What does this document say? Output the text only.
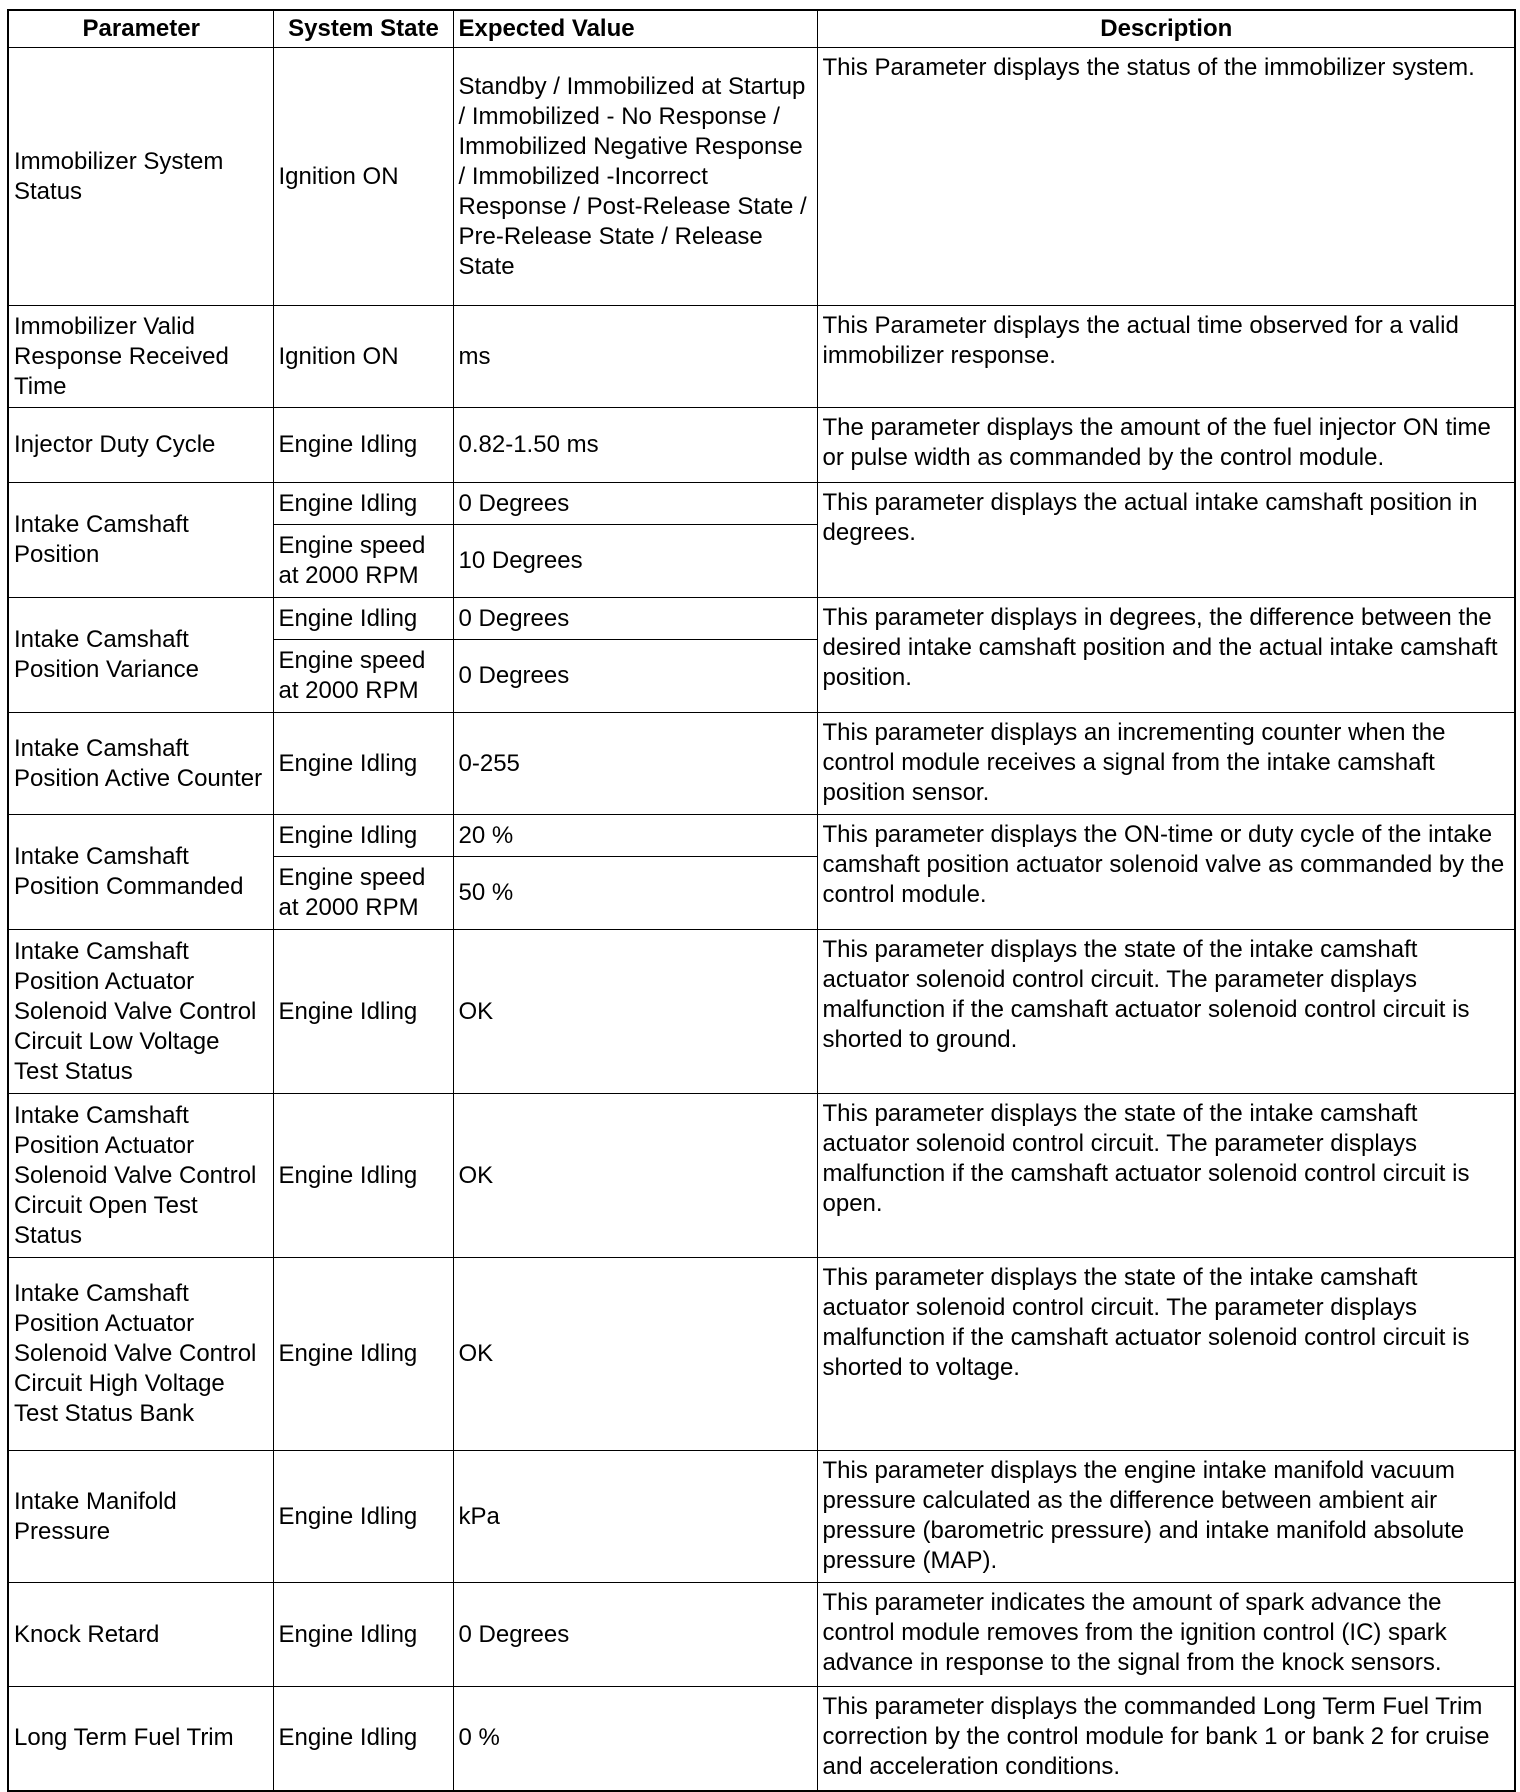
Parameter	System State	Expected Value	Description
Immobilizer System Status	Ignition ON	Standby / Immobilized at Startup / Immobilized - No Response / Immobilized Negative Response / Immobilized -Incorrect Response / Post-Release State / Pre-Release State / Release State	This Parameter displays the status of the immobilizer system.
Immobilizer Valid Response Received Time	Ignition ON	ms	This Parameter displays the actual time observed for a valid immobilizer response.
Injector Duty Cycle	Engine Idling	0.82-1.50 ms	The parameter displays the amount of the fuel injector ON time or pulse width as commanded by the control module.
Intake Camshaft Position	Engine Idling	0 Degrees	This parameter displays the actual intake camshaft position in degrees.
	Engine speed at 2000 RPM	10 Degrees	
Intake Camshaft Position Variance	Engine Idling	0 Degrees	This parameter displays in degrees, the difference between the desired intake camshaft position and the actual intake camshaft position.
	Engine speed at 2000 RPM	0 Degrees	
Intake Camshaft Position Active Counter	Engine Idling	0-255	This parameter displays an incrementing counter when the control module receives a signal from the intake camshaft position sensor.
Intake Camshaft Position Commanded	Engine Idling	20 %	This parameter displays the ON-time or duty cycle of the intake camshaft position actuator solenoid valve as commanded by the control module.
	Engine speed at 2000 RPM	50 %	
Intake Camshaft Position Actuator Solenoid Valve Control Circuit Low Voltage Test Status	Engine Idling	OK	This parameter displays the state of the intake camshaft actuator solenoid control circuit. The parameter displays malfunction if the camshaft actuator solenoid control circuit is shorted to ground.
Intake Camshaft Position Actuator Solenoid Valve Control Circuit Open Test Status	Engine Idling	OK	This parameter displays the state of the intake camshaft actuator solenoid control circuit. The parameter displays malfunction if the camshaft actuator solenoid control circuit is open.
Intake Camshaft Position Actuator Solenoid Valve Control Circuit High Voltage Test Status Bank	Engine Idling	OK	This parameter displays the state of the intake camshaft actuator solenoid control circuit. The parameter displays malfunction if the camshaft actuator solenoid control circuit is shorted to voltage.
Intake Manifold Pressure	Engine Idling	kPa	This parameter displays the engine intake manifold vacuum pressure calculated as the difference between ambient air pressure (barometric pressure) and intake manifold absolute pressure (MAP).
Knock Retard	Engine Idling	0 Degrees	This parameter indicates the amount of spark advance the control module removes from the ignition control (IC) spark advance in response to the signal from the knock sensors.
Long Term Fuel Trim	Engine Idling	0 %	This parameter displays the commanded Long Term Fuel Trim correction by the control module for bank 1 or bank 2 for cruise and acceleration conditions.
